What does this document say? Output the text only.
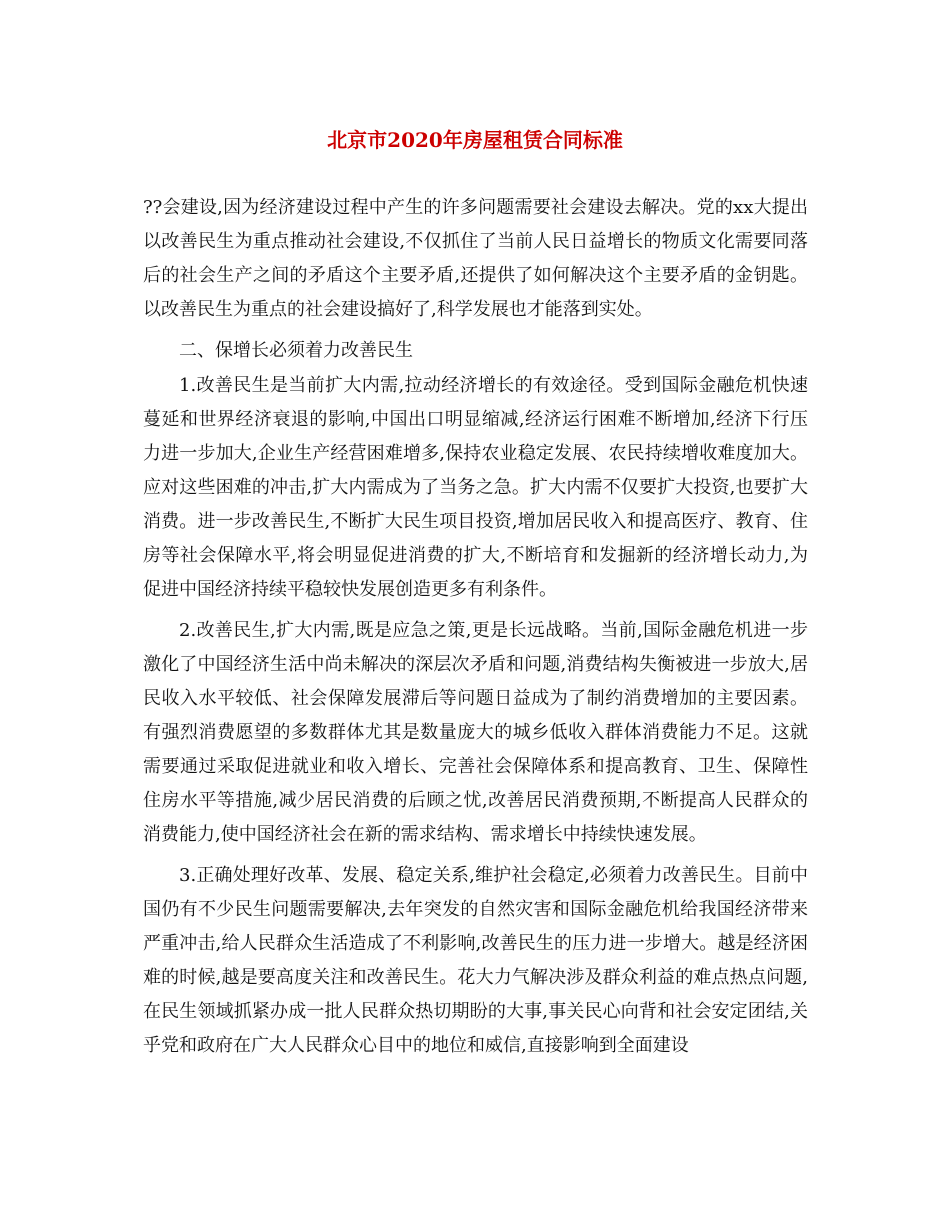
北京市2020年房屋租赁合同标准

??会建设,因为经济建设过程中产生的许多问题需要社会建设去解决。党的xx大提出以改善民生为重点推动社会建设,不仅抓住了当前人民日益增长的物质文化需要同落后的社会生产之间的矛盾这个主要矛盾,还提供了如何解决这个主要矛盾的金钥匙。以改善民生为重点的社会建设搞好了,科学发展也才能落到实处。

二、保增长必须着力改善民生

1.改善民生是当前扩大内需,拉动经济增长的有效途径。受到国际金融危机快速蔓延和世界经济衰退的影响,中国出口明显缩减,经济运行困难不断增加,经济下行压力进一步加大,企业生产经营困难增多,保持农业稳定发展、农民持续增收难度加大。应对这些困难的冲击,扩大内需成为了当务之急。扩大内需不仅要扩大投资,也要扩大消费。进一步改善民生,不断扩大民生项目投资,增加居民收入和提高医疗、教育、住房等社会保障水平,将会明显促进消费的扩大,不断培育和发掘新的经济增长动力,为促进中国经济持续平稳较快发展创造更多有利条件。

2.改善民生,扩大内需,既是应急之策,更是长远战略。当前,国际金融危机进一步激化了中国经济生活中尚未解决的深层次矛盾和问题,消费结构失衡被进一步放大,居民收入水平较低、社会保障发展滞后等问题日益成为了制约消费增加的主要因素。有强烈消费愿望的多数群体尤其是数量庞大的城乡低收入群体消费能力不足。这就需要通过采取促进就业和收入增长、完善社会保障体系和提高教育、卫生、保障性住房水平等措施,减少居民消费的后顾之忧,改善居民消费预期,不断提高人民群众的消费能力,使中国经济社会在新的需求结构、需求增长中持续快速发展。

3.正确处理好改革、发展、稳定关系,维护社会稳定,必须着力改善民生。目前中国仍有不少民生问题需要解决,去年突发的自然灾害和国际金融危机给我国经济带来严重冲击,给人民群众生活造成了不利影响,改善民生的压力进一步增大。越是经济困难的时候,越是要高度关注和改善民生。花大力气解决涉及群众利益的难点热点问题,在民生领域抓紧办成一批人民群众热切期盼的大事,事关民心向背和社会安定团结,关乎党和政府在广大人民群众心目中的地位和威信,直接影响到全面建设
